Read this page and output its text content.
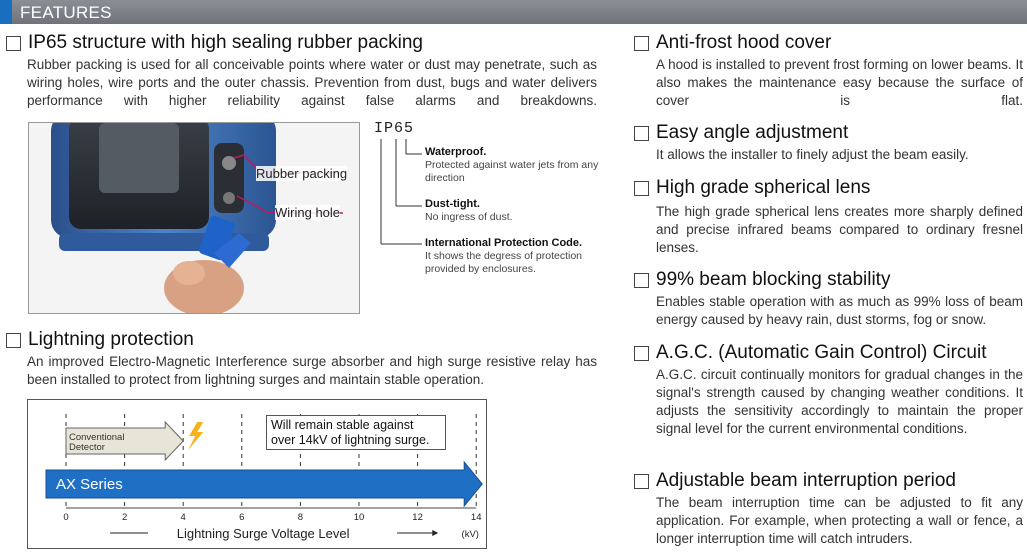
FEATURES
IP65 structure with high sealing rubber packing
Rubber packing is used for all conceivable points where water or dust may penetrate, such as wiring holes, wire ports and the outer chassis. Prevention from dust, bugs and water delivers performance with higher reliability against false alarms and breakdowns.
Rubber packing
Wiring hole
IP65
Waterproof.
Protected against water jets from any direction
Dust-tight.
No ingress of dust.
International Protection Code.
It shows the degress of protection provided by enclosures.
Lightning protection
An improved Electro-Magnetic Interference surge absorber and high surge resistive relay has been installed to protect from lightning surges and maintain stable operation.
0	2	4	6	8	10	12	14
Conventional
Detector
AX Series
Lightning Surge Voltage Level	(kV)
Will remain stable against over 14kV of lightning surge.
Anti-frost hood cover
A hood is installed to prevent frost forming on lower beams. It also makes the maintenance easy because the surface of cover is flat.
Easy angle adjustment
It allows the installer to finely adjust the beam easily.
High grade spherical lens
The high grade spherical lens creates more sharply defined and precise infrared beams compared to ordinary fresnel lenses.
99% beam blocking stability
Enables stable operation with as much as 99% loss of beam energy caused by heavy rain, dust storms, fog or snow.
A.G.C. (Automatic Gain Control) Circuit
A.G.C. circuit continually monitors for gradual changes in the signal's strength caused by changing weather conditions. It adjusts the sensitivity accordingly to maintain the proper signal level for the current environmental conditions.
Adjustable beam interruption period
The beam interruption time can be adjusted to fit any application. For example, when protecting a wall or fence, a longer interruption time will catch intruders.
